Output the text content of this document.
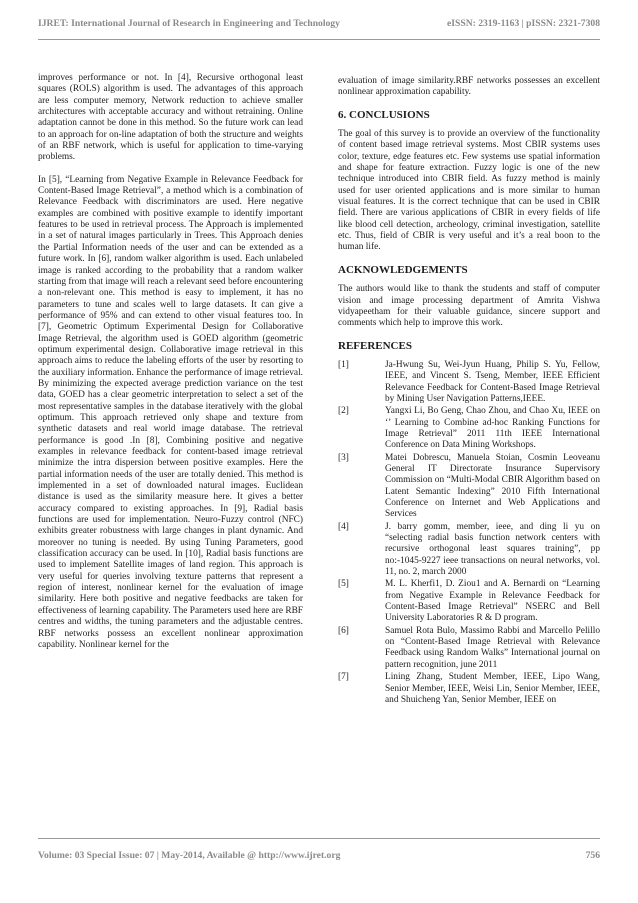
IJRET: International Journal of Research in Engineering and Technology	eISSN: 2319-1163 | pISSN: 2321-7308

improves performance or not. In [4], Recursive orthogonal least squares (ROLS) algorithm is used. The advantages of this approach are less computer memory, Network reduction to achieve smaller architectures with acceptable accuracy and without retraining. Online adaptation cannot be done in this method. So the future work can lead to an approach for on-line adaptation of both the structure and weights of an RBF network, which is useful for application to time-varying problems.

In [5], “Learning from Negative Example in Relevance Feedback for Content-Based Image Retrieval”, a method which is a combination of Relevance Feedback with discriminators are used. Here negative examples are combined with positive example to identify important features to be used in retrieval process. The Approach is implemented in a set of natural images particularly in Trees. This Approach denies the Partial Information needs of the user and can be extended as a future work. In [6], random walker algorithm is used. Each unlabeled image is ranked according to the probability that a random walker starting from that image will reach a relevant seed before encountering a non-relevant one. This method is easy to implement, it has no parameters to tune and scales well to large datasets. It can give a performance of 95% and can extend to other visual features too. In [7], Geometric Optimum Experimental Design for Collaborative Image Retrieval, the algorithm used is GOED algorithm (geometric optimum experimental design. Collaborative image retrieval in this approach aims to reduce the labeling efforts of the user by resorting to the auxiliary information. Enhance the performance of image retrieval. By minimizing the expected average prediction variance on the test data, GOED has a clear geometric interpretation to select a set of the most representative samples in the database iteratively with the global optimum. This approach retrieved only shape and texture from synthetic datasets and real world image database. The retrieval performance is good .In [8], Combining positive and negative examples in relevance feedback for content-based image retrieval minimize the intra dispersion between positive examples. Here the partial information needs of the user are totally denied. This method is implemented in a set of downloaded natural images. Euclidean distance is used as the similarity measure here. It gives a better accuracy compared to existing approaches. In [9], Radial basis functions are used for implementation. Neuro-Fuzzy control (NFC) exhibits greater robustness with large changes in plant dynamic. And moreover no tuning is needed. By using Tuning Parameters, good classification accuracy can be used. In [10], Radial basis functions are used to implement Satellite images of land region. This approach is very useful for queries involving texture patterns that represent a region of interest, nonlinear kernel for the evaluation of image similarity. Here both positive and negative feedbacks are taken for effectiveness of learning capability. The Parameters used here are RBF centres and widths, the tuning parameters and the adjustable centres. RBF networks possess an excellent nonlinear approximation capability. Nonlinear kernel for the

evaluation of image similarity.RBF networks possesses an excellent nonlinear approximation capability.

6. CONCLUSIONS

The goal of this survey is to provide an overview of the functionality of content based image retrieval systems. Most CBIR systems uses color, texture, edge features etc. Few systems use spatial information and shape for feature extraction. Fuzzy logic is one of the new technique introduced into CBIR field. As fuzzy method is mainly used for user oriented applications and is more similar to human visual features. It is the correct technique that can be used in CBIR field. There are various applications of CBIR in every fields of life like blood cell detection, archeology, criminal investigation, satellite etc. Thus, field of CBIR is very useful and it’s a real boon to the human life.

ACKNOWLEDGEMENTS

The authors would like to thank the students and staff of computer vision and image processing department of Amrita Vishwa vidyapeetham for their valuable guidance, sincere support and comments which help to improve this work.

REFERENCES
[1]	Ja-Hwung Su, Wei-Jyun Huang, Philip S. Yu, Fellow, IEEE, and Vincent S. Tseng, Member, IEEE Efficient Relevance Feedback for Content-Based Image Retrieval by Mining User Navigation Patterns,IEEE.
[2]	Yangxi Li, Bo Geng, Chao Zhou, and Chao Xu, IEEE on ‘’ Learning to Combine ad-hoc Ranking Functions for Image Retrieval” 2011 11th IEEE International Conference on Data Mining Workshops.
[3]	Matei Dobrescu, Manuela Stoian, Cosmin Leoveanu General IT Directorate Insurance Supervisory Commission on “Multi-Modal CBIR Algorithm based on Latent Semantic Indexing” 2010 Fifth International Conference on Internet and Web Applications and Services
[4]	J. barry gomm, member, ieee, and ding li yu on “selecting radial basis function network centers with recursive orthogonal least squares training”, pp no:-1045-9227 ieee transactions on neural networks, vol. 11, no. 2, march 2000
[5]	M. L. Kherfi1, D. Ziou1 and A. Bernardi on “Learning from Negative Example in Relevance Feedback for Content-Based Image Retrieval” NSERC and Bell University Laboratories R & D program.
[6]	Samuel Rota Bulo, Massimo Rabbi and Marcello Pelillo on “Content-Based Image Retrieval with Relevance Feedback using Random Walks” International journal on pattern recognition, june 2011
[7]	Lining Zhang, Student Member, IEEE, Lipo Wang, Senior Member, IEEE, Weisi Lin, Senior Member, IEEE, and Shuicheng Yan, Senior Member, IEEE on
Volume: 03 Special Issue: 07 | May-2014, Available @ http://www.ijret.org	756
